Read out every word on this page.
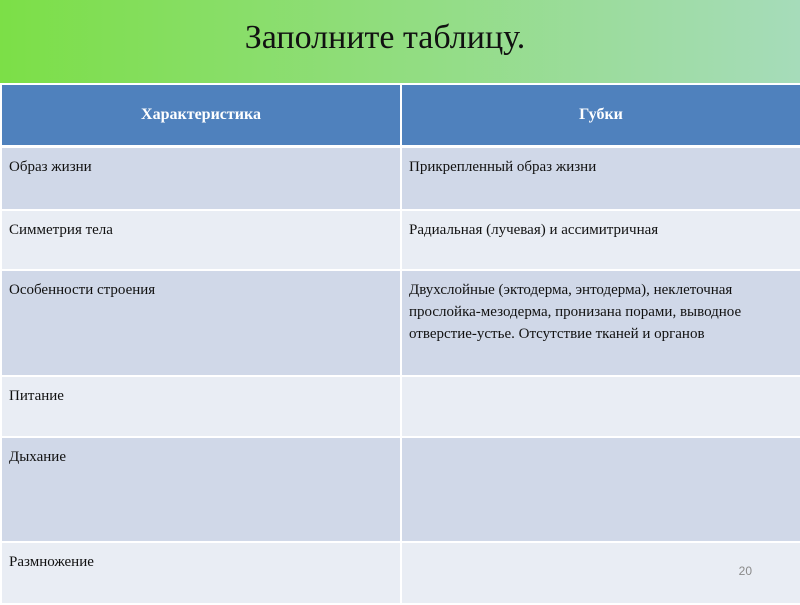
Заполните таблицу.
Характеристика	Губки
Образ жизни	Прикрепленный образ жизни
Симметрия тела	Радиальная (лучевая) и ассимитричная
Особенности строения	Двухслойные (эктодерма, энтодерма), неклеточная прослойка-мезодерма, пронизана порами, выводное отверстие-устье. Отсутствие тканей и органов
Питание	
Дыхание	
Размножение	
20
